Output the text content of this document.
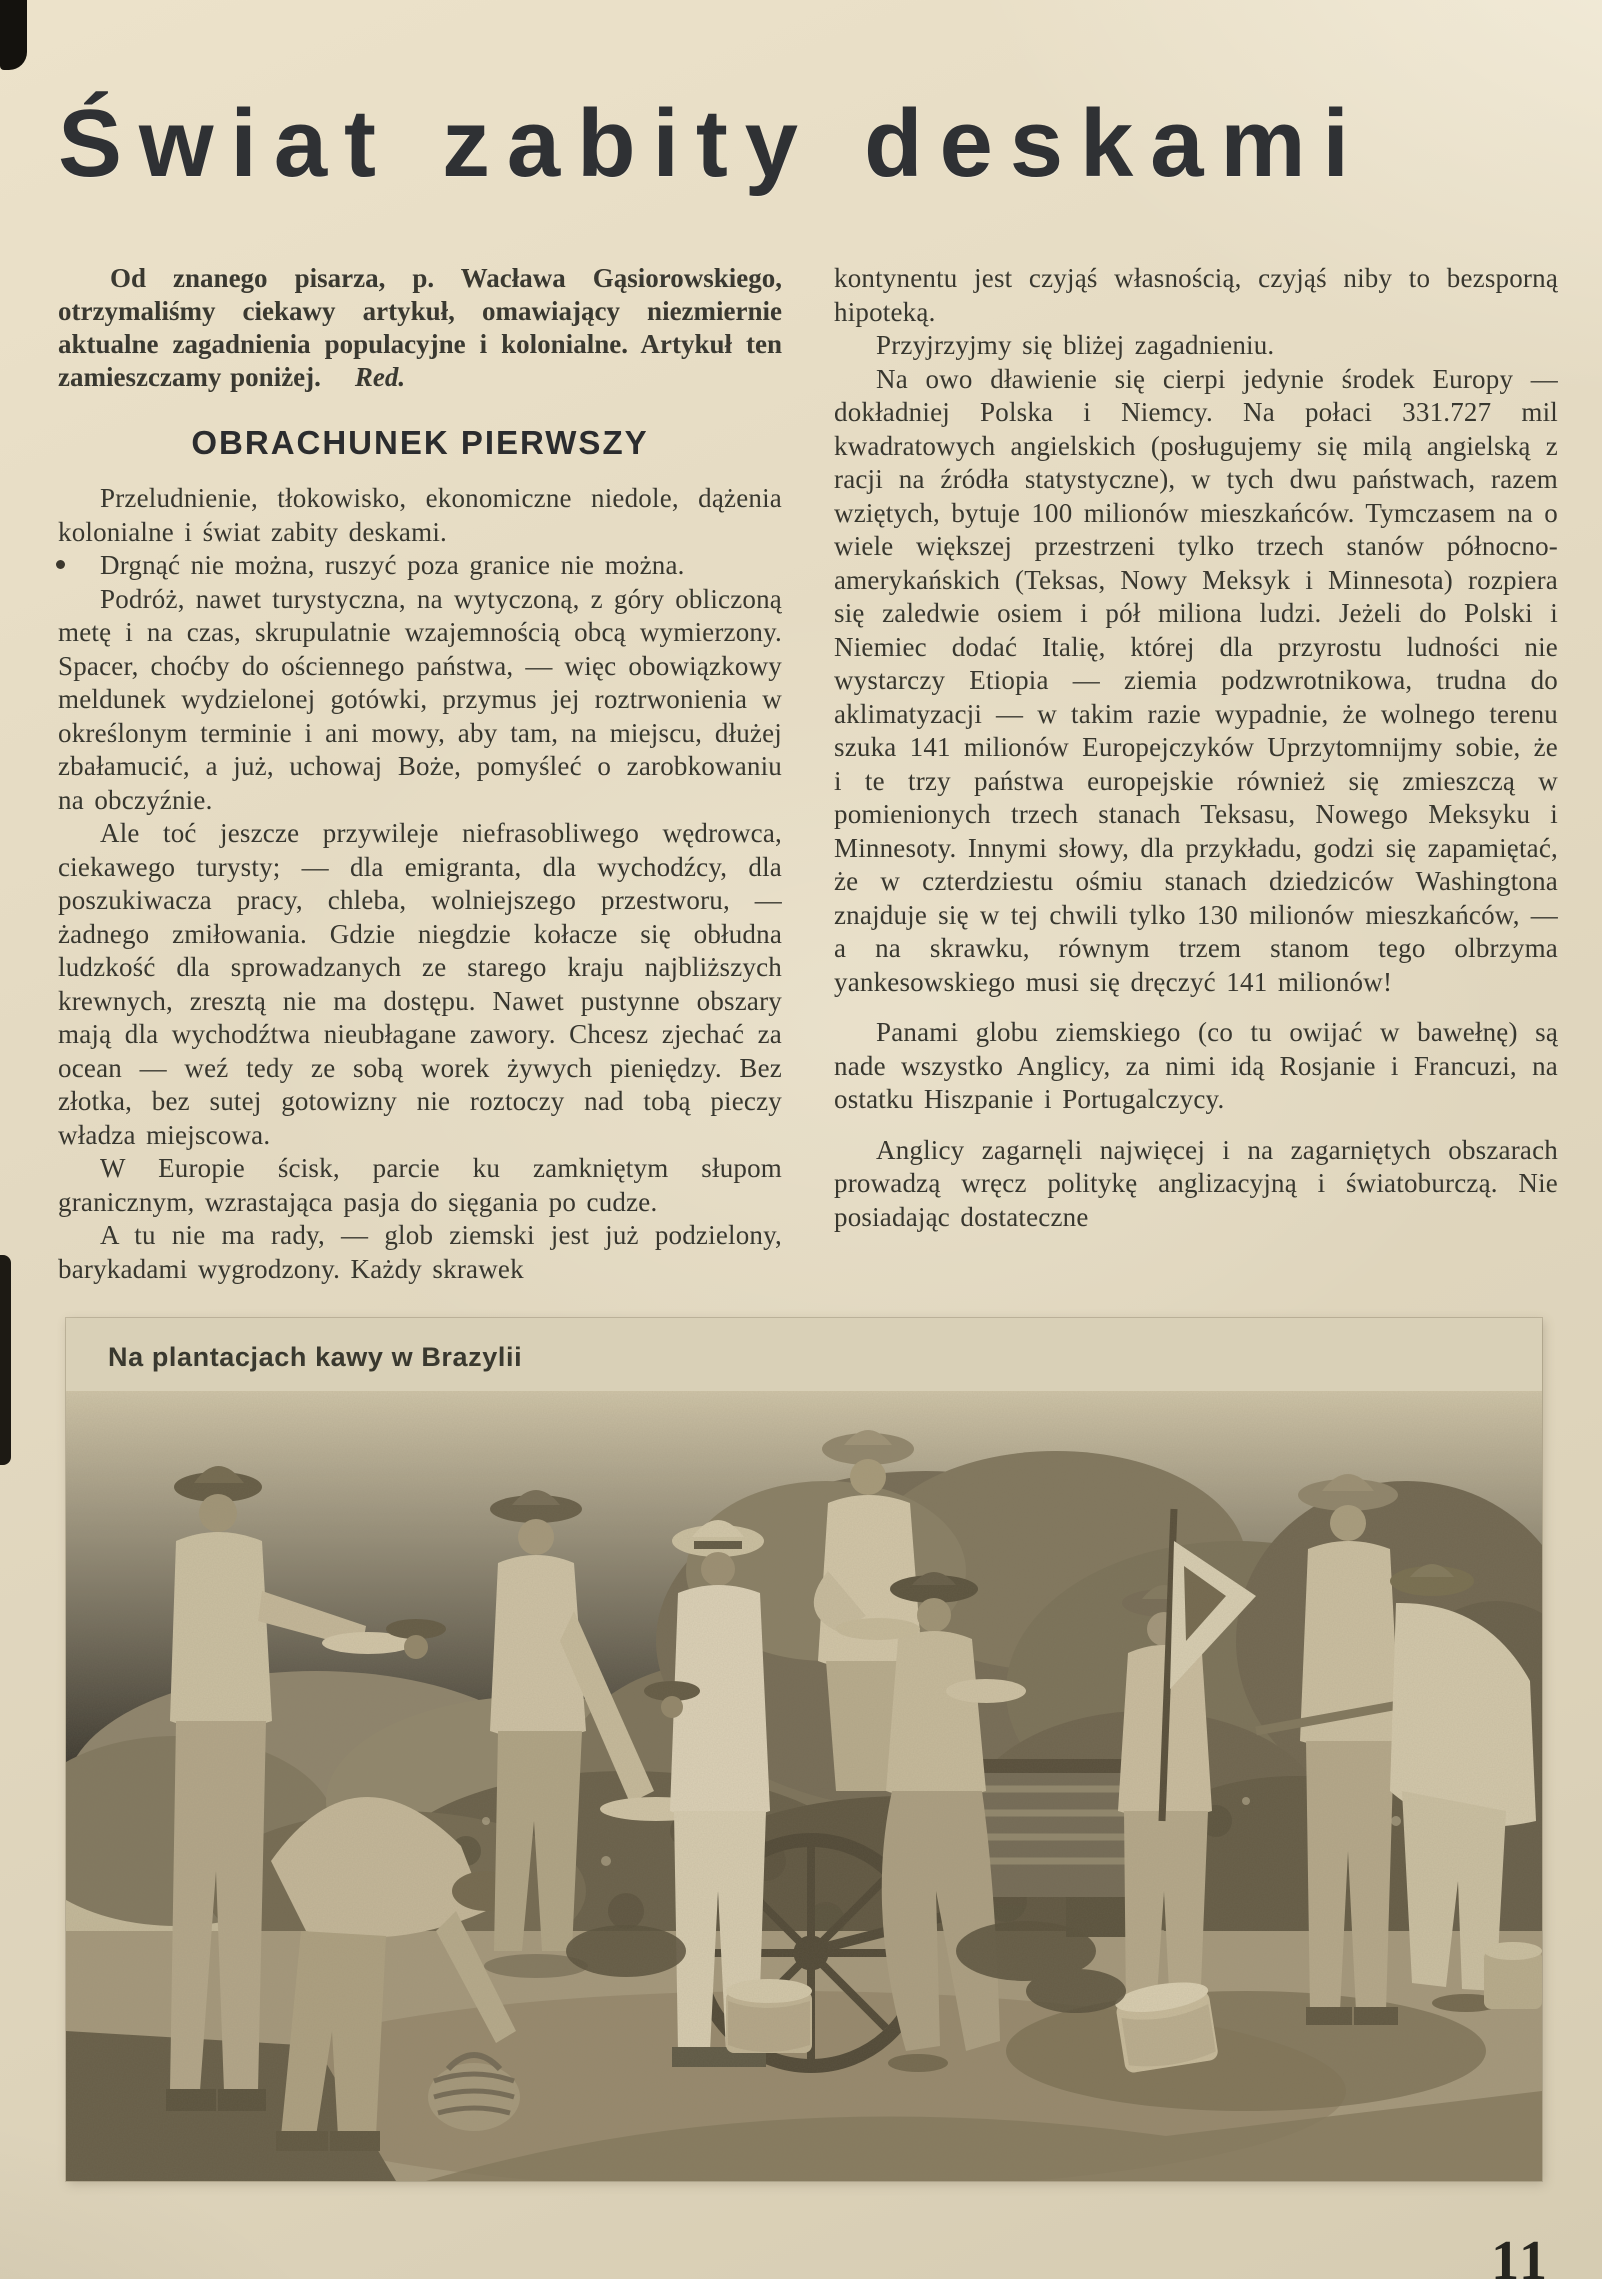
Świat zabity deskami

Od znanego pisarza, p. Wacława Gąsiorowskiego, otrzymaliśmy ciekawy artykuł, omawiający niezmiernie aktualne zagadnienia populacyjne i kolonialne. Artykuł ten zamieszczamy poniżej. Red.

OBRACHUNEK PIERWSZY

Przeludnienie, tłokowisko, ekonomiczne niedole, dążenia kolonialne i świat zabity deskami.

Drgnąć nie można, ruszyć poza granice nie można.

Podróż, nawet turystyczna, na wytyczoną, z góry obliczoną metę i na czas, skrupulatnie wzajemnością obcą wymierzony. Spacer, choćby do ościennego państwa, — więc obowiązkowy meldunek wydzielonej gotówki, przymus jej roztrwonienia w określonym terminie i ani mowy, aby tam, na miejscu, dłużej zbałamucić, a już, uchowaj Boże, pomyśleć o zarobkowaniu na obczyźnie.

Ale toć jeszcze przywileje niefrasobliwego wędrowca, ciekawego turysty; — dla emigranta, dla wychodźcy, dla poszukiwacza pracy, chleba, wolniejszego przestworu, — żadnego zmiłowania. Gdzie niegdzie kołacze się obłudna ludzkość dla sprowadzanych ze starego kraju najbliższych krewnych, zresztą nie ma dostępu. Nawet pustynne obszary mają dla wychodźtwa nieubłagane zawory. Chcesz zjechać za ocean — weź tedy ze sobą worek żywych pieniędzy. Bez złotka, bez sutej gotowizny nie roztoczy nad tobą pieczy władza miejscowa.

W Europie ścisk, parcie ku zamkniętym słupom granicznym, wzrastająca pasja do sięgania po cudze.

A tu nie ma rady, — glob ziemski jest już podzielony, barykadami wygrodzony. Każdy skrawek

kontynentu jest czyjąś własnością, czyjąś niby to bezsporną hipoteką.

Przyjrzyjmy się bliżej zagadnieniu.

Na owo dławienie się cierpi jedynie środek Europy — dokładniej Polska i Niemcy. Na połaci 331.727 mil kwadratowych angielskich (posługujemy się milą angielską z racji na źródła statystyczne), w tych dwu państwach, razem wziętych, bytuje 100 milionów mieszkańców. Tymczasem na o wiele większej przestrzeni tylko trzech stanów północno-amerykańskich (Teksas, Nowy Meksyk i Minnesota) rozpiera się zaledwie osiem i pół miliona ludzi. Jeżeli do Polski i Niemiec dodać Italię, której dla przyrostu ludności nie wystarczy Etiopia — ziemia podzwrotnikowa, trudna do aklimatyzacji — w takim razie wypadnie, że wolnego terenu szuka 141 milionów Europejczyków Uprzytomnijmy sobie, że i te trzy państwa europejskie również się zmieszczą w pomienionych trzech stanach Teksasu, Nowego Meksyku i Minnesoty. Innymi słowy, dla przykładu, godzi się zapamiętać, że w czterdziestu ośmiu stanach dziedziców Washingtona znajduje się w tej chwili tylko 130 milionów mieszkańców, — a na skrawku, równym trzem stanom tego olbrzyma yankesowskiego musi się dręczyć 141 milionów!

Panami globu ziemskiego (co tu owijać w bawełnę) są nade wszystko Anglicy, za nimi idą Rosjanie i Francuzi, na ostatku Hiszpanie i Portugalczycy.

Anglicy zagarnęli najwięcej i na zagarniętych obszarach prowadzą wręcz politykę anglizacyjną i światoburczą. Nie posiadając dostateczne

Na plantacjach kawy w Brazylii
11
